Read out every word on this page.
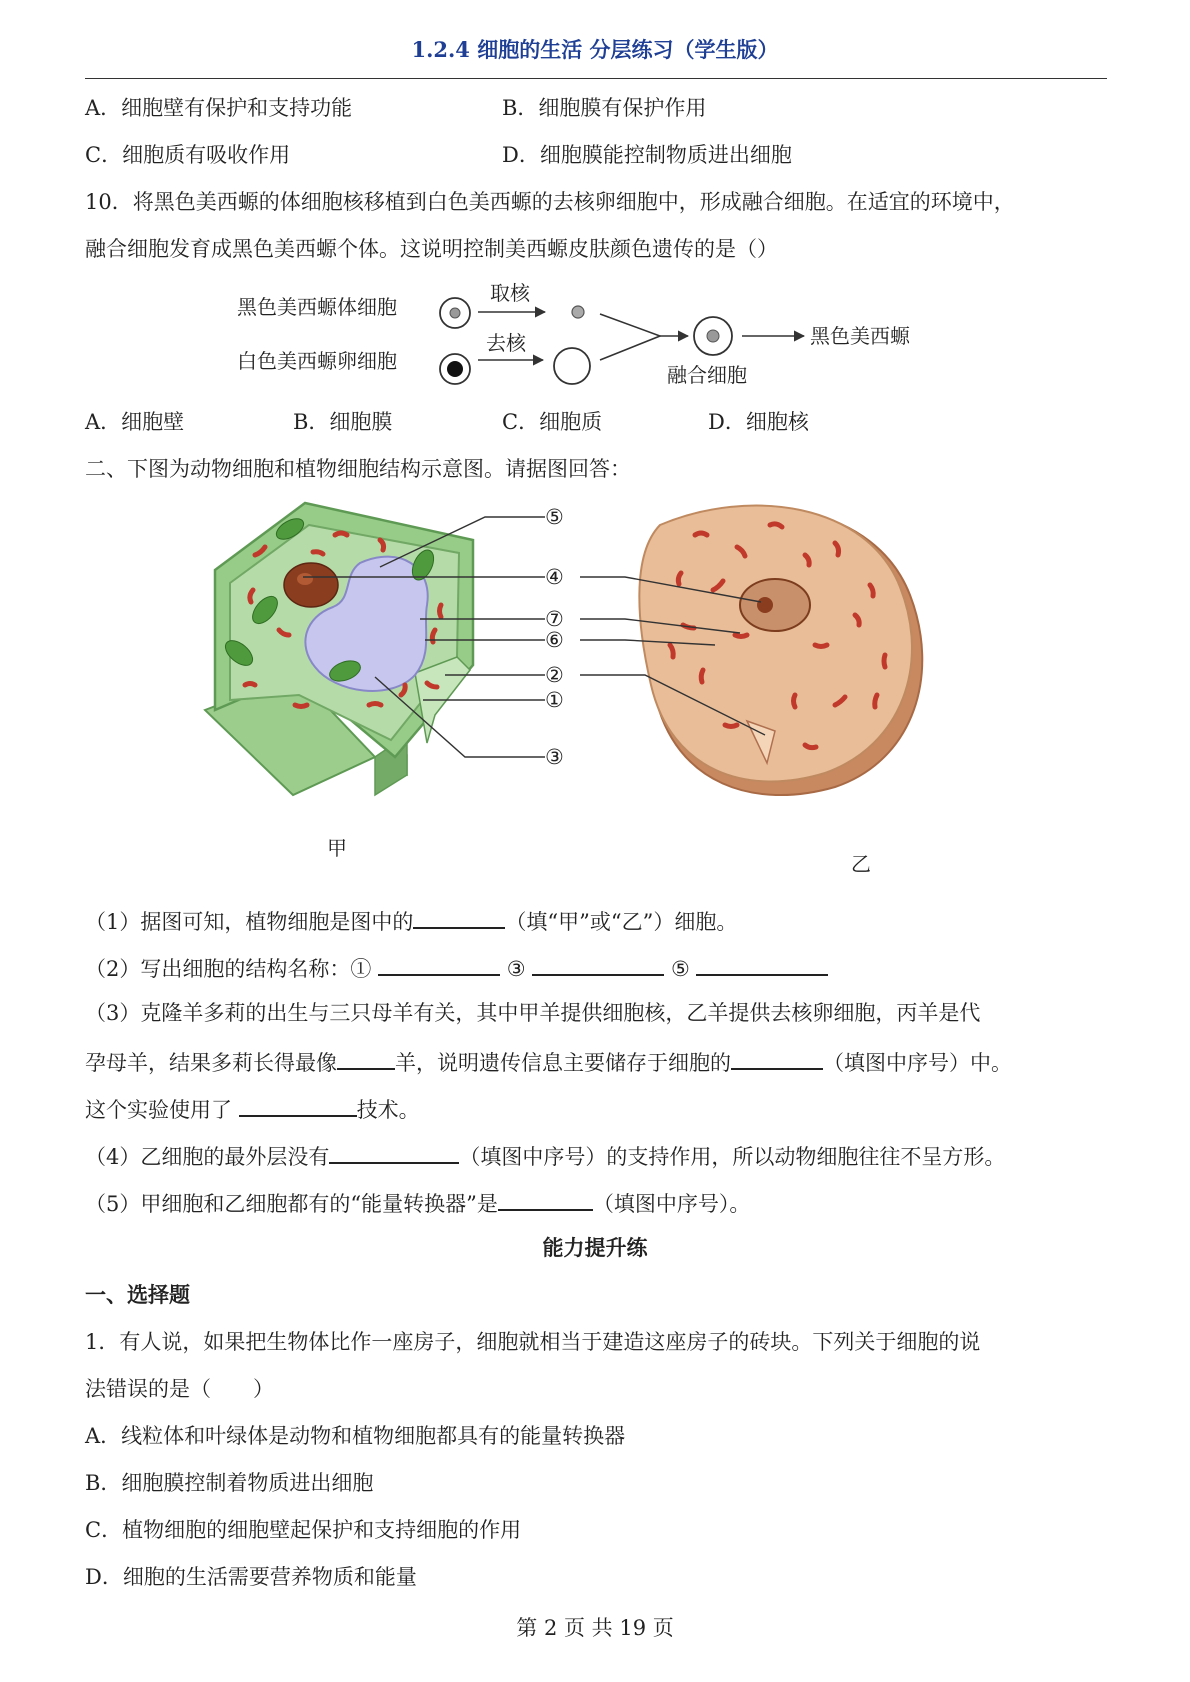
1.2.4 细胞的生活 分层练习（学生版）

A．细胞壁有保护和支持功能	B．细胞膜有保护作用

C．细胞质有吸收作用	D．细胞膜能控制物质进出细胞

10．将黑色美西螈的体细胞核移植到白色美西螈的去核卵细胞中，形成融合细胞。在适宜的环境中，

融合细胞发育成黑色美西螈个体。这说明控制美西螈皮肤颜色遗传的是（）

黑色美西螈体细胞
取核
白色美西螈卵细胞
去核
融合细胞
黑色美西螈

A．细胞壁	B．细胞膜	C．细胞质	D．细胞核

二、下图为动物细胞和植物细胞结构示意图。请据图回答：

⑤
④
⑦
⑥
②
①
③
甲
乙

（1）据图可知，植物细胞是图中的	（填“甲”或“乙”）细胞。

（2）写出细胞的结构名称：①	③	⑤

（3）克隆羊多莉的出生与三只母羊有关，其中甲羊提供细胞核，乙羊提供去核卵细胞，丙羊是代

孕母羊，结果多莉长得最像	羊，说明遗传信息主要储存于细胞的	（填图中序号）中。

这个实验使用了	技术。

（4）乙细胞的最外层没有	（填图中序号）的支持作用，所以动物细胞往往不呈方形。

（5）甲细胞和乙细胞都有的“能量转换器”是	（填图中序号）。

能力提升练

一、选择题

1．有人说，如果把生物体比作一座房子，细胞就相当于建造这座房子的砖块。下列关于细胞的说

法错误的是（　　）

A．线粒体和叶绿体是动物和植物细胞都具有的能量转换器

B．细胞膜控制着物质进出细胞

C．植物细胞的细胞壁起保护和支持细胞的作用

D．细胞的生活需要营养物质和能量

第 2 页 共 19 页
